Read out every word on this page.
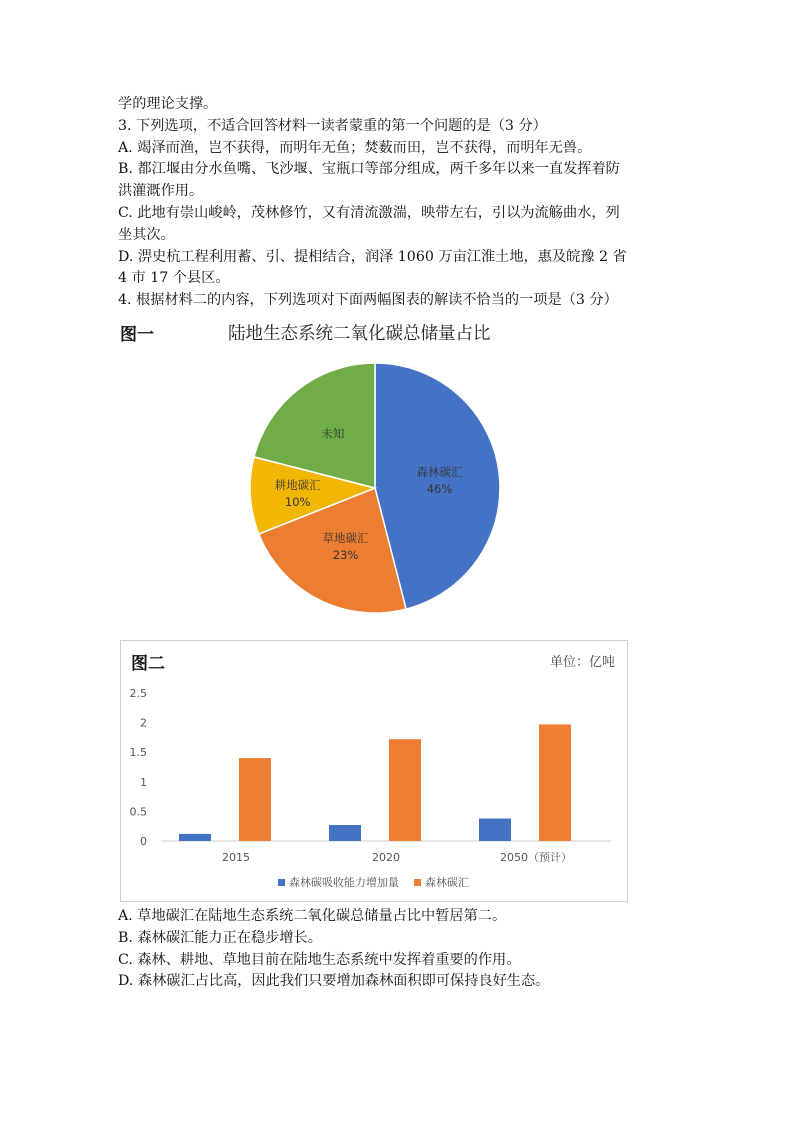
学的理论支撑。

3. 下列选项，不适合回答材料一读者蒙重的第一个问题的是（3 分）

A. 竭泽而渔，岂不获得，而明年无鱼；焚薮而田，岂不获得，而明年无兽。

B. 都江堰由分水鱼嘴、飞沙堰、宝瓶口等部分组成，两千多年以来一直发挥着防

洪灌溉作用。

C. 此地有崇山峻岭，茂林修竹，又有清流激湍，映带左右，引以为流觞曲水，列

坐其次。

D. 淠史杭工程利用蓄、引、提相结合，润泽 1060 万亩江淮土地，惠及皖豫 2 省

4 市 17 个县区。

4. 根据材料二的内容，下列选项对下面两幅图表的解读不恰当的一项是（3 分）

图一	陆地生态系统二氧化碳总储量占比
森林碳汇
46%
草地碳汇
23%
耕地碳汇
10%
未知
图二	单位：亿吨
0
0.5
1
1.5
2
2.5
2015	2020	2050（预计）
森林碳吸收能力增加量 森林碳汇

A. 草地碳汇在陆地生态系统二氧化碳总储量占比中暂居第二。

B. 森林碳汇能力正在稳步增长。

C. 森林、耕地、草地目前在陆地生态系统中发挥着重要的作用。

D. 森林碳汇占比高，因此我们只要增加森林面积即可保持良好生态。
